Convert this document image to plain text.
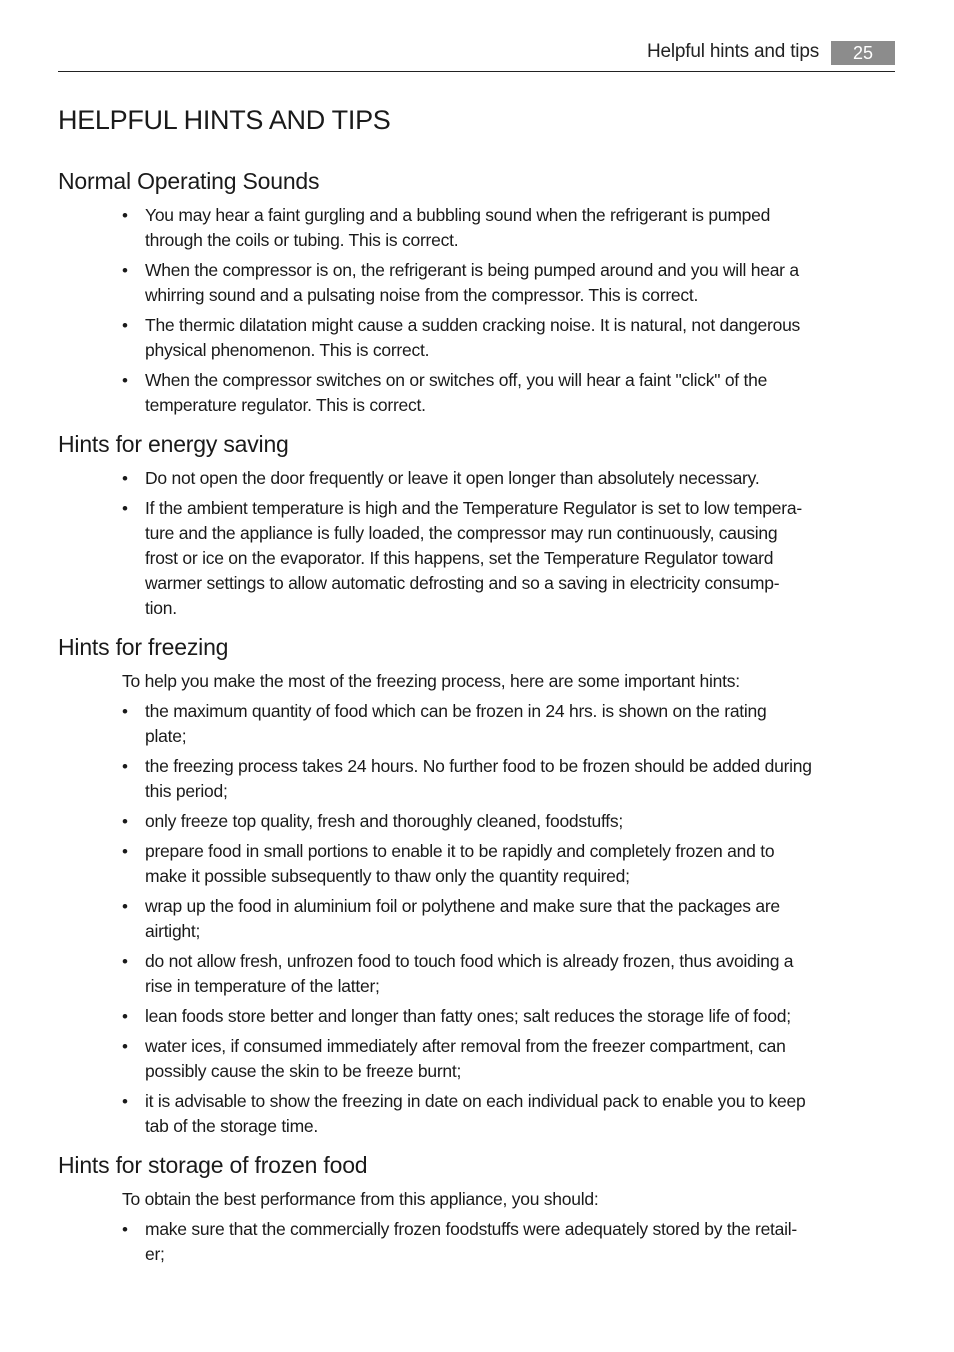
Helpful hints and tips	25
HELPFUL HINTS AND TIPS
Normal Operating Sounds
• You may hear a faint gurgling and a bubbling sound when the refrigerant is pumped
through the coils or tubing. This is correct.
• When the compressor is on, the refrigerant is being pumped around and you will hear a
whirring sound and a pulsating noise from the compressor. This is correct.
• The thermic dilatation might cause a sudden cracking noise. It is natural, not dangerous
physical phenomenon. This is correct.
• When the compressor switches on or switches off, you will hear a faint "click" of the
temperature regulator. This is correct.
Hints for energy saving
• Do not open the door frequently or leave it open longer than absolutely necessary.
• If the ambient temperature is high and the Temperature Regulator is set to low tempera-
ture and the appliance is fully loaded, the compressor may run continuously, causing
frost or ice on the evaporator. If this happens, set the Temperature Regulator toward
warmer settings to allow automatic defrosting and so a saving in electricity consump-
tion.
Hints for freezing

To help you make the most of the freezing process, here are some important hints:

• the maximum quantity of food which can be frozen in 24 hrs. is shown on the rating
plate;
• the freezing process takes 24 hours. No further food to be frozen should be added during
this period;
• only freeze top quality, fresh and thoroughly cleaned, foodstuffs;
• prepare food in small portions to enable it to be rapidly and completely frozen and to
make it possible subsequently to thaw only the quantity required;
• wrap up the food in aluminium foil or polythene and make sure that the packages are
airtight;
• do not allow fresh, unfrozen food to touch food which is already frozen, thus avoiding a
rise in temperature of the latter;
• lean foods store better and longer than fatty ones; salt reduces the storage life of food;
• water ices, if consumed immediately after removal from the freezer compartment, can
possibly cause the skin to be freeze burnt;
• it is advisable to show the freezing in date on each individual pack to enable you to keep
tab of the storage time.
Hints for storage of frozen food

To obtain the best performance from this appliance, you should:

• make sure that the commercially frozen foodstuffs were adequately stored by the retail-
er;
